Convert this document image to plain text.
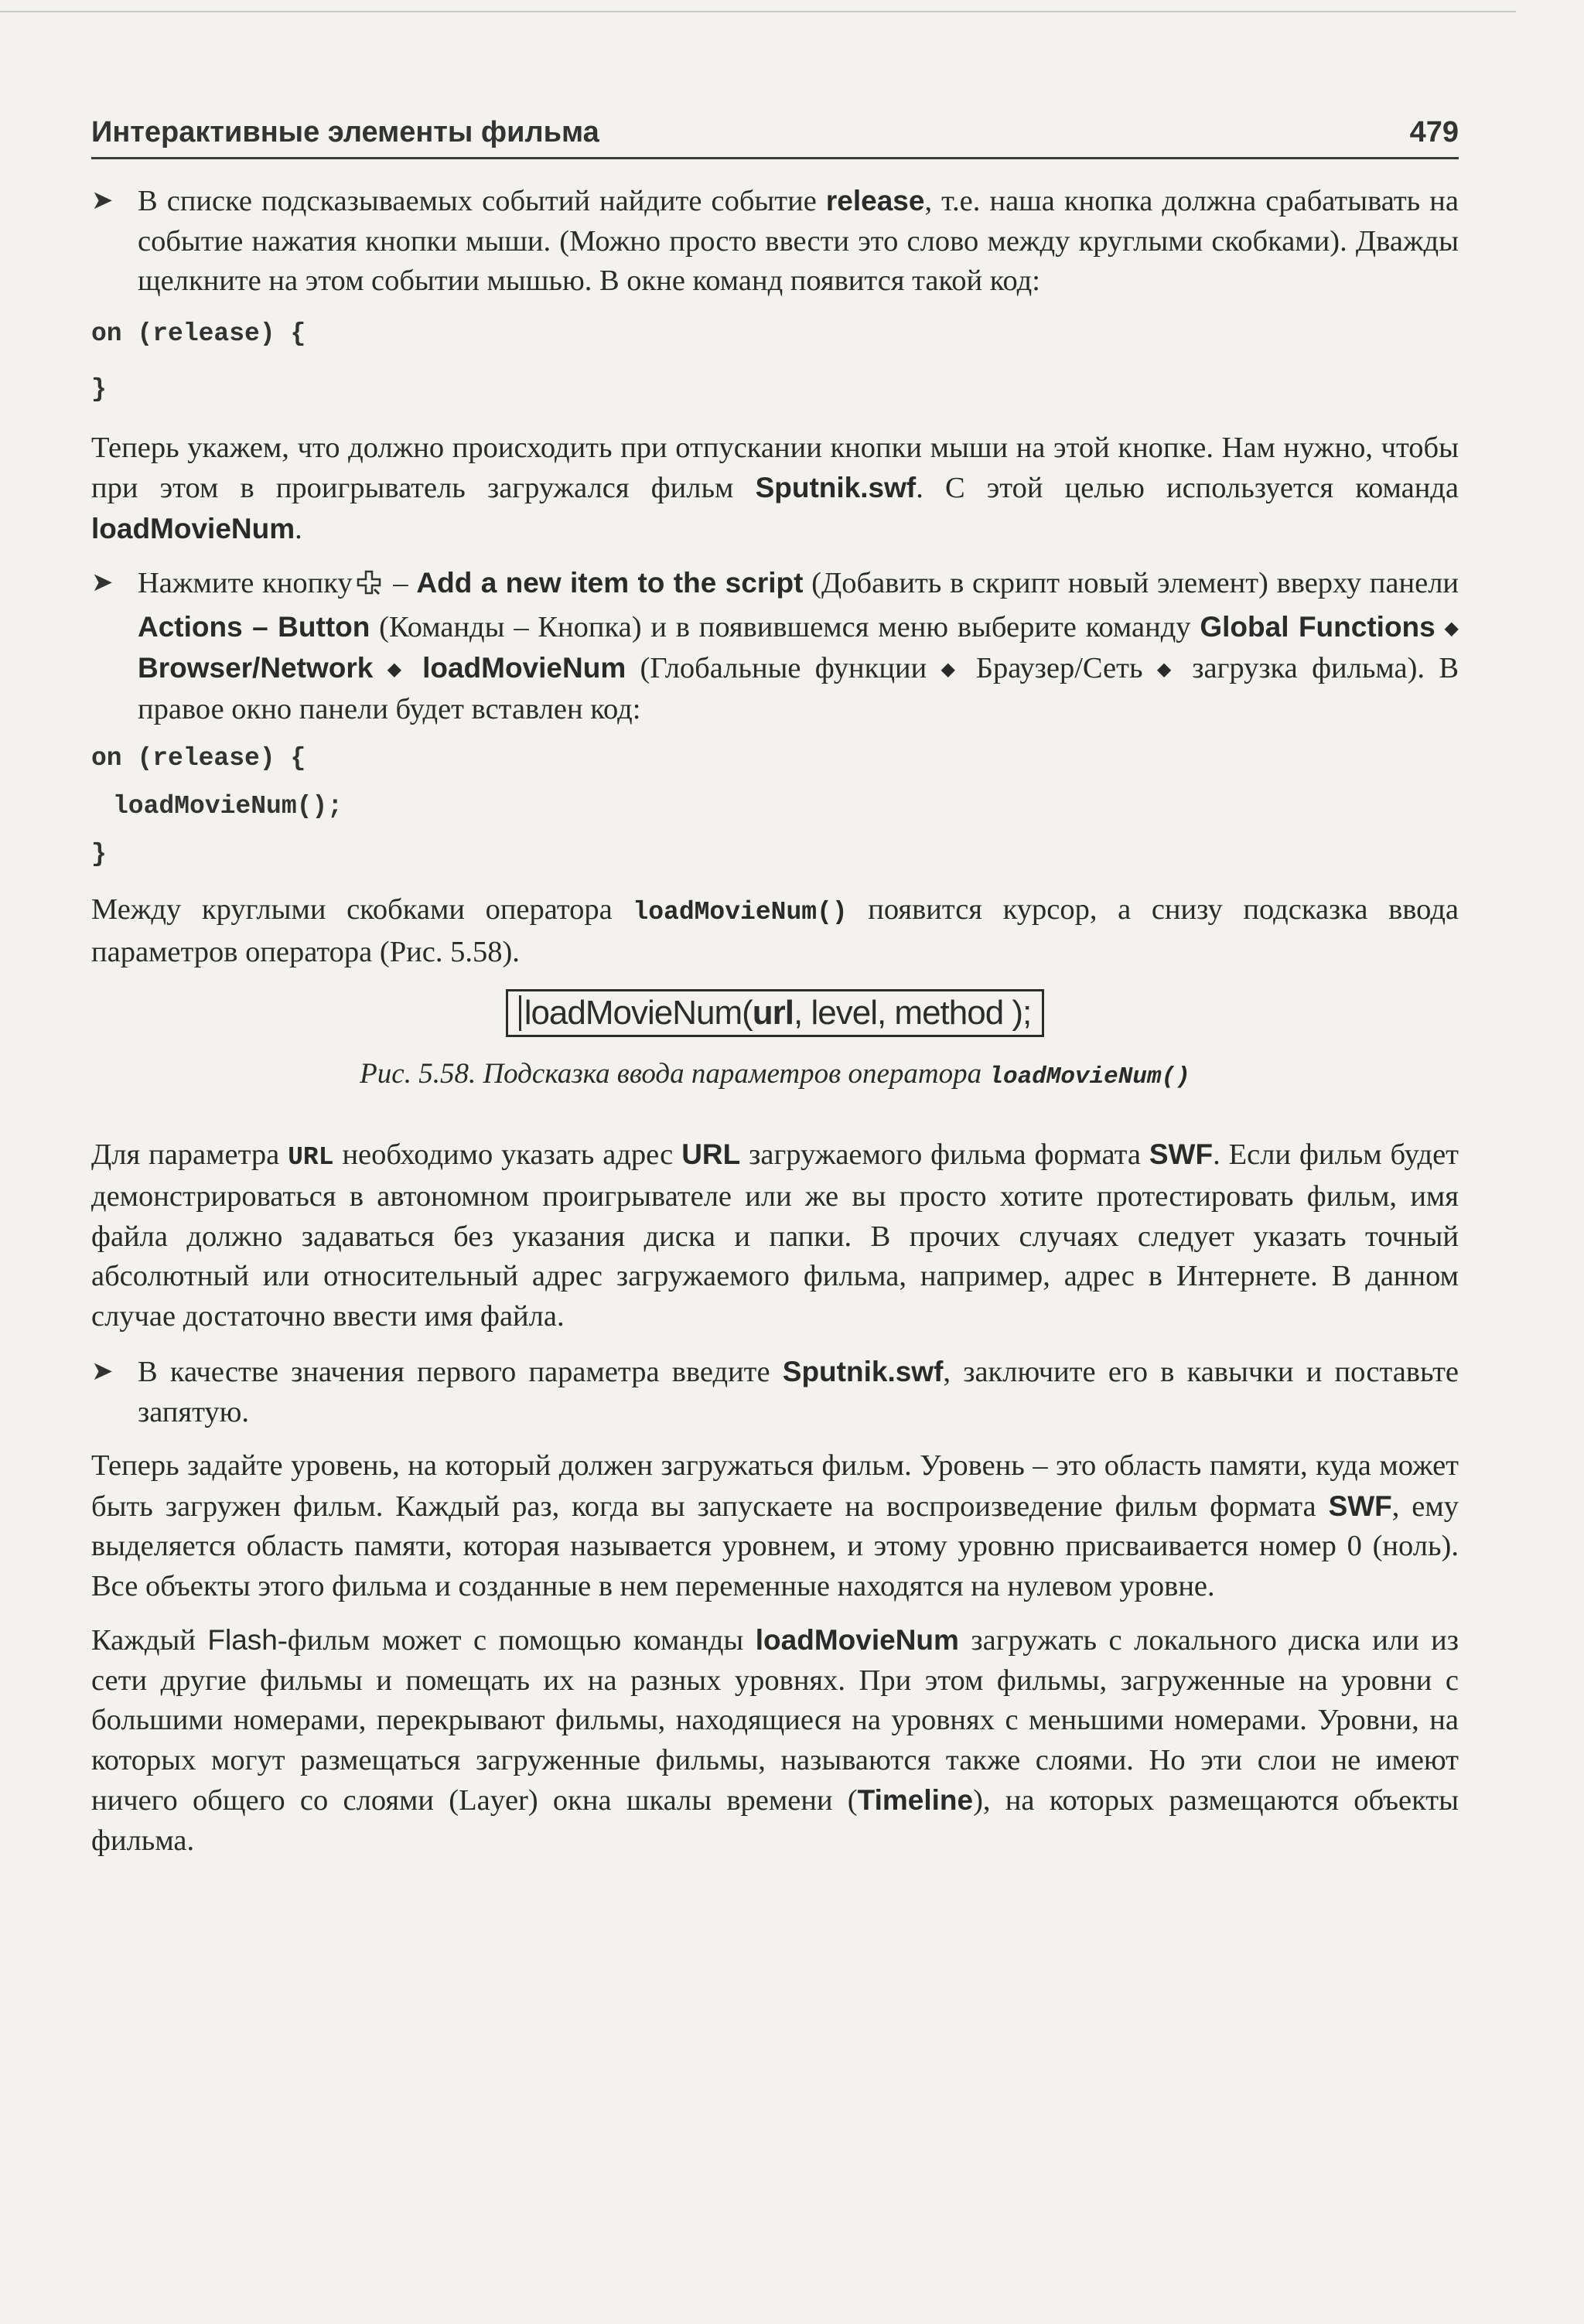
Интерактивные элементы фильма	479
➤ В списке подсказываемых событий найдите событие release, т.е. наша кнопка должна срабатывать на событие нажатия кнопки мыши. (Можно просто ввести это слово между круглыми скобками). Дважды щелкните на этом событии мышью. В окне команд появится такой код:
on (release) {
}

Теперь укажем, что должно происходить при отпускании кнопки мыши на этой кнопке. Нам нужно, чтобы при этом в проигрыватель загружался фильм Sputnik.swf. С этой целью используется команда loadMovieNum.

➤ Нажмите кнопку – Add a new item to the script (Добавить в скрипт новый элемент) вверху панели Actions – Button (Команды – Кнопка) и в появившемся меню выберите команду Global Functions ◆ Browser/Network ◆ loadMovieNum (Глобальные функции ◆ Браузер/Сеть ◆ загрузка фильма). В правое окно панели будет вставлен код:
on (release) {
loadMovieNum();
}

Между круглыми скобками оператора loadMovieNum() появится курсор, а снизу подсказка ввода параметров оператора (Рис. 5.58).

loadMovieNum( url , level, method );
Рис. 5.58. Подсказка ввода параметров оператора loadMovieNum()

Для параметра URL необходимо указать адрес URL загружаемого фильма формата SWF. Если фильм будет демонстрироваться в автономном проигрывателе или же вы просто хотите протестировать фильм, имя файла должно задаваться без указания диска и папки. В прочих случаях следует указать точный абсолютный или относительный адрес загружаемого фильма, например, адрес в Интернете. В данном случае достаточно ввести имя файла.

➤ В качестве значения первого параметра введите Sputnik.swf, заключите его в кавычки и поставьте запятую.

Теперь задайте уровень, на который должен загружаться фильм. Уровень – это область памяти, куда может быть загружен фильм. Каждый раз, когда вы запускаете на воспроизведение фильм формата SWF, ему выделяется область памяти, которая называется уровнем, и этому уровню присваивается номер 0 (ноль). Все объекты этого фильма и созданные в нем переменные находятся на нулевом уровне.

Каждый Flash-фильм может с помощью команды loadMovieNum загружать с локального диска или из сети другие фильмы и помещать их на разных уровнях. При этом фильмы, загруженные на уровни с большими номерами, перекрывают фильмы, находящиеся на уровнях с меньшими номерами. Уровни, на которых могут размещаться загруженные фильмы, называются также слоями. Но эти слои не имеют ничего общего со слоями (Layer) окна шкалы времени (Timeline), на которых размещаются объекты фильма.
